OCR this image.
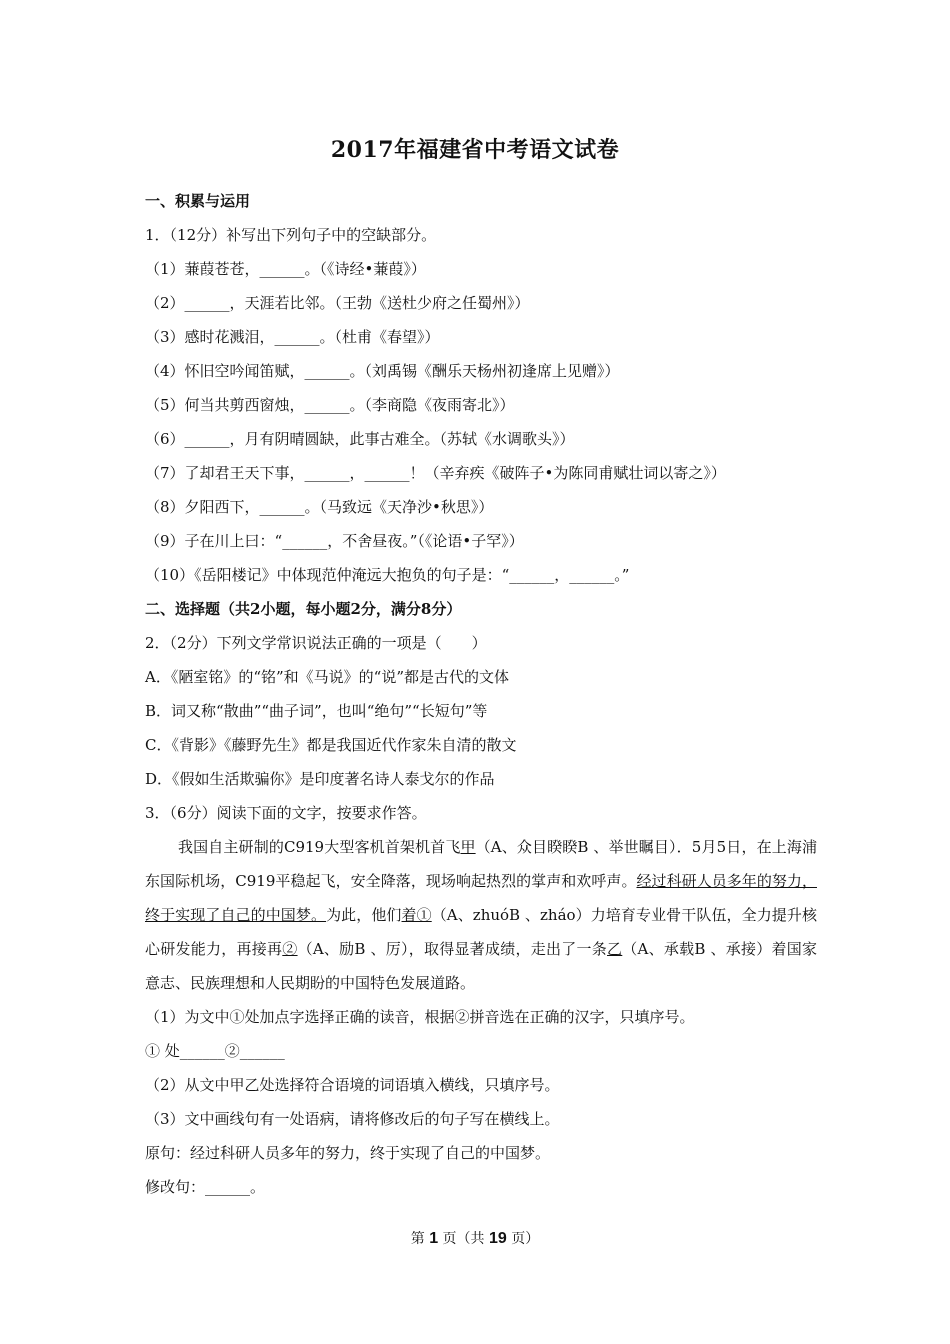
2017年福建省中考语文试卷
一、积累与运用
1．（12分）补写出下列句子中的空缺部分。
（1）蒹葭苍苍，______。（《诗经•蒹葭》）
（2）______，天涯若比邻。（王勃《送杜少府之任蜀州》）
（3）感时花溅泪，______。（杜甫《春望》）
（4）怀旧空吟闻笛赋，______。（刘禹锡《酬乐天杨州初逢席上见赠》）
（5）何当共剪西窗烛，______。（李商隐《夜雨寄北》）
（6）______，月有阴晴圆缺，此事古难全。（苏轼《水调歌头》）
（7）了却君王天下事，______，______！（辛弃疾《破阵子•为陈同甫赋壮词以寄之》）
（8）夕阳西下，______。（马致远《天净沙•秋思》）
（9）子在川上曰：“______，不舍昼夜。”（《论语•子罕》）
（10）《岳阳楼记》中体现范仲淹远大抱负的句子是：“______，______。”
二、选择题（共2小题，每小题2分，满分8分）
2．（2分）下列文学常识说法正确的一项是（　　）
A．《陋室铭》的“铭”和《马说》的“说”都是古代的文体
B．词又称“散曲”“曲子词”，也叫“绝句”“长短句”等
C．《背影》《藤野先生》都是我国近代作家朱自清的散文
D．《假如生活欺骗你》是印度著名诗人泰戈尔的作品
3．（6分）阅读下面的文字，按要求作答。
我国自主研制的C919大型客机首架机首飞甲（A、众目睽睽B 、举世瞩目）．5月5日，在上海浦东国际机场，C919平稳起飞，安全降落，现场响起热烈的掌声和欢呼声。经过科研人员多年的努力，终于实现了自己的中国梦。为此，他们着①（A、zhuóB 、zháo）力培育专业骨干队伍，全力提升核心研发能力，再接再②（A、励B 、厉），取得显著成绩，走出了一条乙（A、承载B 、承接）着国家意志、民族理想和人民期盼的中国特色发展道路。
（1）为文中①处加点字选择正确的读音，根据②拼音选在正确的汉字，只填序号。
① 处______②______
（2）从文中甲乙处选择符合语境的词语填入横线，只填序号。
（3）文中画线句有一处语病，请将修改后的句子写在横线上。
原句：经过科研人员多年的努力，终于实现了自己的中国梦。
修改句：______。
第 1 页（共 19 页）
